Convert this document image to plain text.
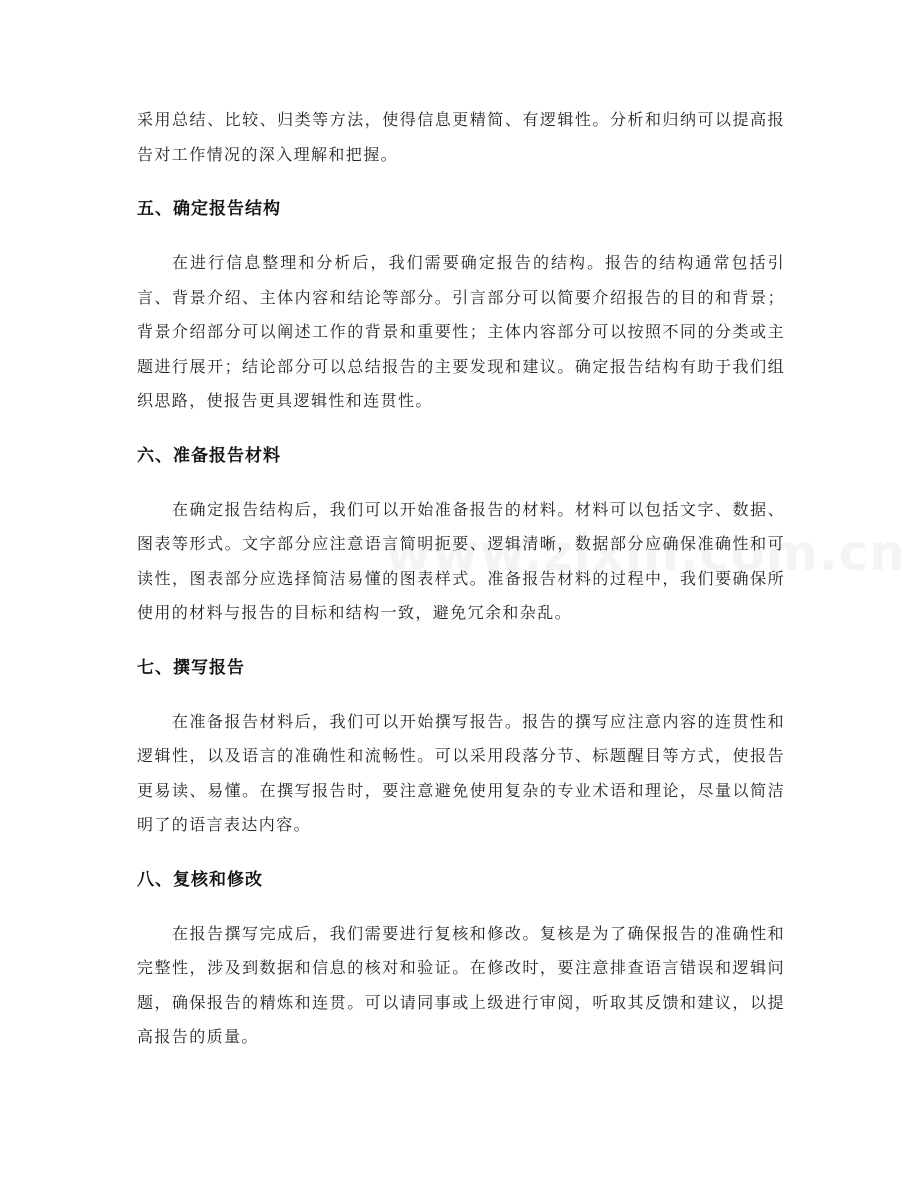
采用总结、比较、归类等方法，使得信息更精简、有逻辑性。分析和归纳可以提高报告对工作情况的深入理解和把握。

五、确定报告结构

在进行信息整理和分析后，我们需要确定报告的结构。报告的结构通常包括引言、背景介绍、主体内容和结论等部分。引言部分可以简要介绍报告的目的和背景；背景介绍部分可以阐述工作的背景和重要性；主体内容部分可以按照不同的分类或主题进行展开；结论部分可以总结报告的主要发现和建议。确定报告结构有助于我们组织思路，使报告更具逻辑性和连贯性。

六、准备报告材料

在确定报告结构后，我们可以开始准备报告的材料。材料可以包括文字、数据、图表等形式。文字部分应注意语言简明扼要、逻辑清晰，数据部分应确保准确性和可读性，图表部分应选择简洁易懂的图表样式。准备报告材料的过程中，我们要确保所使用的材料与报告的目标和结构一致，避免冗余和杂乱。

七、撰写报告

在准备报告材料后，我们可以开始撰写报告。报告的撰写应注意内容的连贯性和逻辑性，以及语言的准确性和流畅性。可以采用段落分节、标题醒目等方式，使报告更易读、易懂。在撰写报告时，要注意避免使用复杂的专业术语和理论，尽量以简洁明了的语言表达内容。

八、复核和修改

在报告撰写完成后，我们需要进行复核和修改。复核是为了确保报告的准确性和完整性，涉及到数据和信息的核对和验证。在修改时，要注意排查语言错误和逻辑问题，确保报告的精炼和连贯。可以请同事或上级进行审阅，听取其反馈和建议，以提高报告的质量。
